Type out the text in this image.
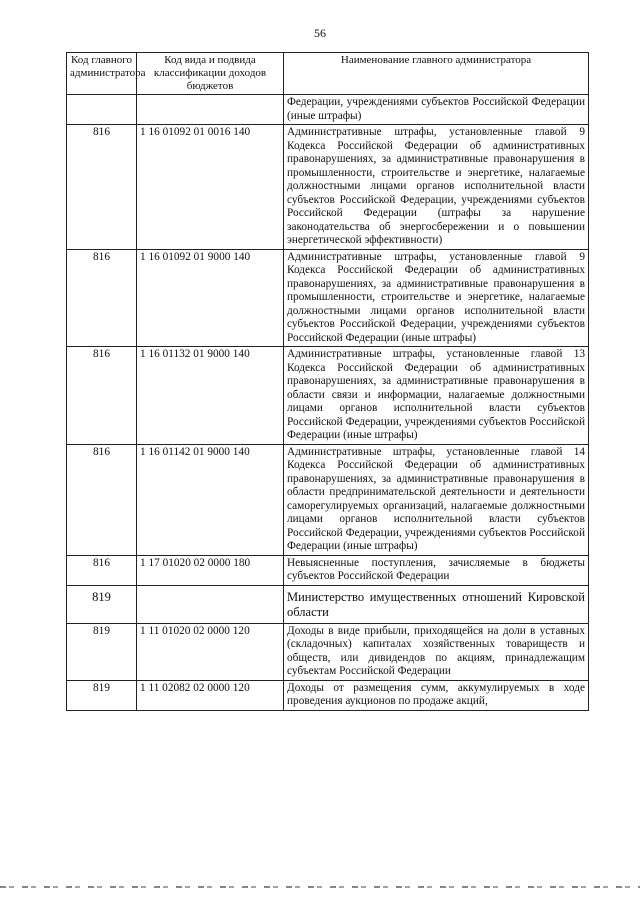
56
Код главного администратора	Код вида и подвида классификации доходов бюджетов	Наименование главного администратора
		Федерации, учреждениями субъектов Российской Федерации (иные штрафы)
816	1 16 01092 01 0016 140	Административные штрафы, установленные главой 9 Кодекса Российской Федерации об административных правонарушениях, за административные правонарушения в промышленности, строительстве и энергетике, налагаемые должностными лицами органов исполнительной власти субъектов Российской Федерации, учреждениями субъектов Российской Федерации (штрафы за нарушение законодательства об энергосбережении и о повышении энергетической эффективности)
816	1 16 01092 01 9000 140	Административные штрафы, установленные главой 9 Кодекса Российской Федерации об административных правонарушениях, за административные правонарушения в промышленности, строительстве и энергетике, налагаемые должностными лицами органов исполнительной власти субъектов Российской Федерации, учреждениями субъектов Российской Федерации (иные штрафы)
816	1 16 01132 01 9000 140	Административные штрафы, установленные главой 13 Кодекса Российской Федерации об административных правонарушениях, за административные правонарушения в области связи и информации, налагаемые должностными лицами органов исполнительной власти субъектов Российской Федерации, учреждениями субъектов Российской Федерации (иные штрафы)
816	1 16 01142 01 9000 140	Административные штрафы, установленные главой 14 Кодекса Российской Федерации об административных правонарушениях, за административные правонарушения в области предпринимательской деятельности и деятельности саморегулируемых организаций, налагаемые должностными лицами органов исполнительной власти субъектов Российской Федерации, учреждениями субъектов Российской Федерации (иные штрафы)
816	1 17 01020 02 0000 180	Невыясненные поступления, зачисляемые в бюджеты субъектов Российской Федерации
819		Министерство имущественных отношений Кировской области
819	1 11 01020 02 0000 120	Доходы в виде прибыли, приходящейся на доли в уставных (складочных) капиталах хозяйственных товариществ и обществ, или дивидендов по акциям, принадлежащим субъектам Российской Федерации
819	1 11 02082 02 0000 120	Доходы от размещения сумм, аккумулируемых в ходе проведения аукционов по продаже акций,
